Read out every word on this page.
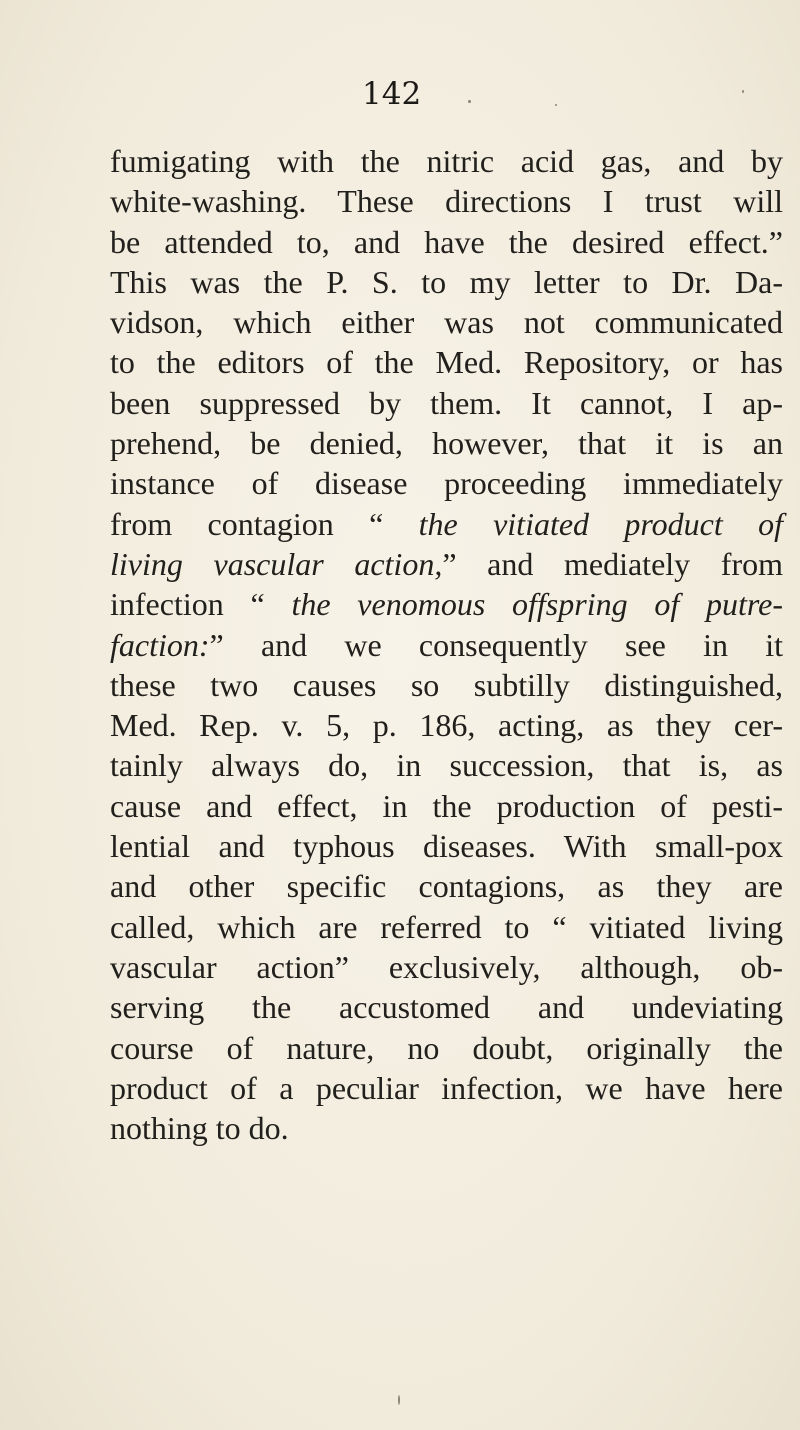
142
fumigating with the nitric acid gas, and by
white-washing. These directions I trust will
be attended to, and have the desired effect.”
This was the P. S. to my letter to Dr. Da-
vidson, which either was not communicated
to the editors of the Med. Repository, or has
been suppressed by them. It cannot, I ap-
prehend, be denied, however, that it is an
instance of disease proceeding immediately
from contagion “ the vitiated product of
living vascular action,” and mediately from
infection “ the venomous offspring of putre-
faction:” and we consequently see in it
these two causes so subtilly distinguished,
Med. Rep. v. 5, p. 186, acting, as they cer-
tainly always do, in succession, that is, as
cause and effect, in the production of pesti-
lential and typhous diseases. With small-pox
and other specific contagions, as they are
called, which are referred to “ vitiated living
vascular action” exclusively, although, ob-
serving the accustomed and undeviating
course of nature, no doubt, originally the
product of a peculiar infection, we have here
nothing to do.
